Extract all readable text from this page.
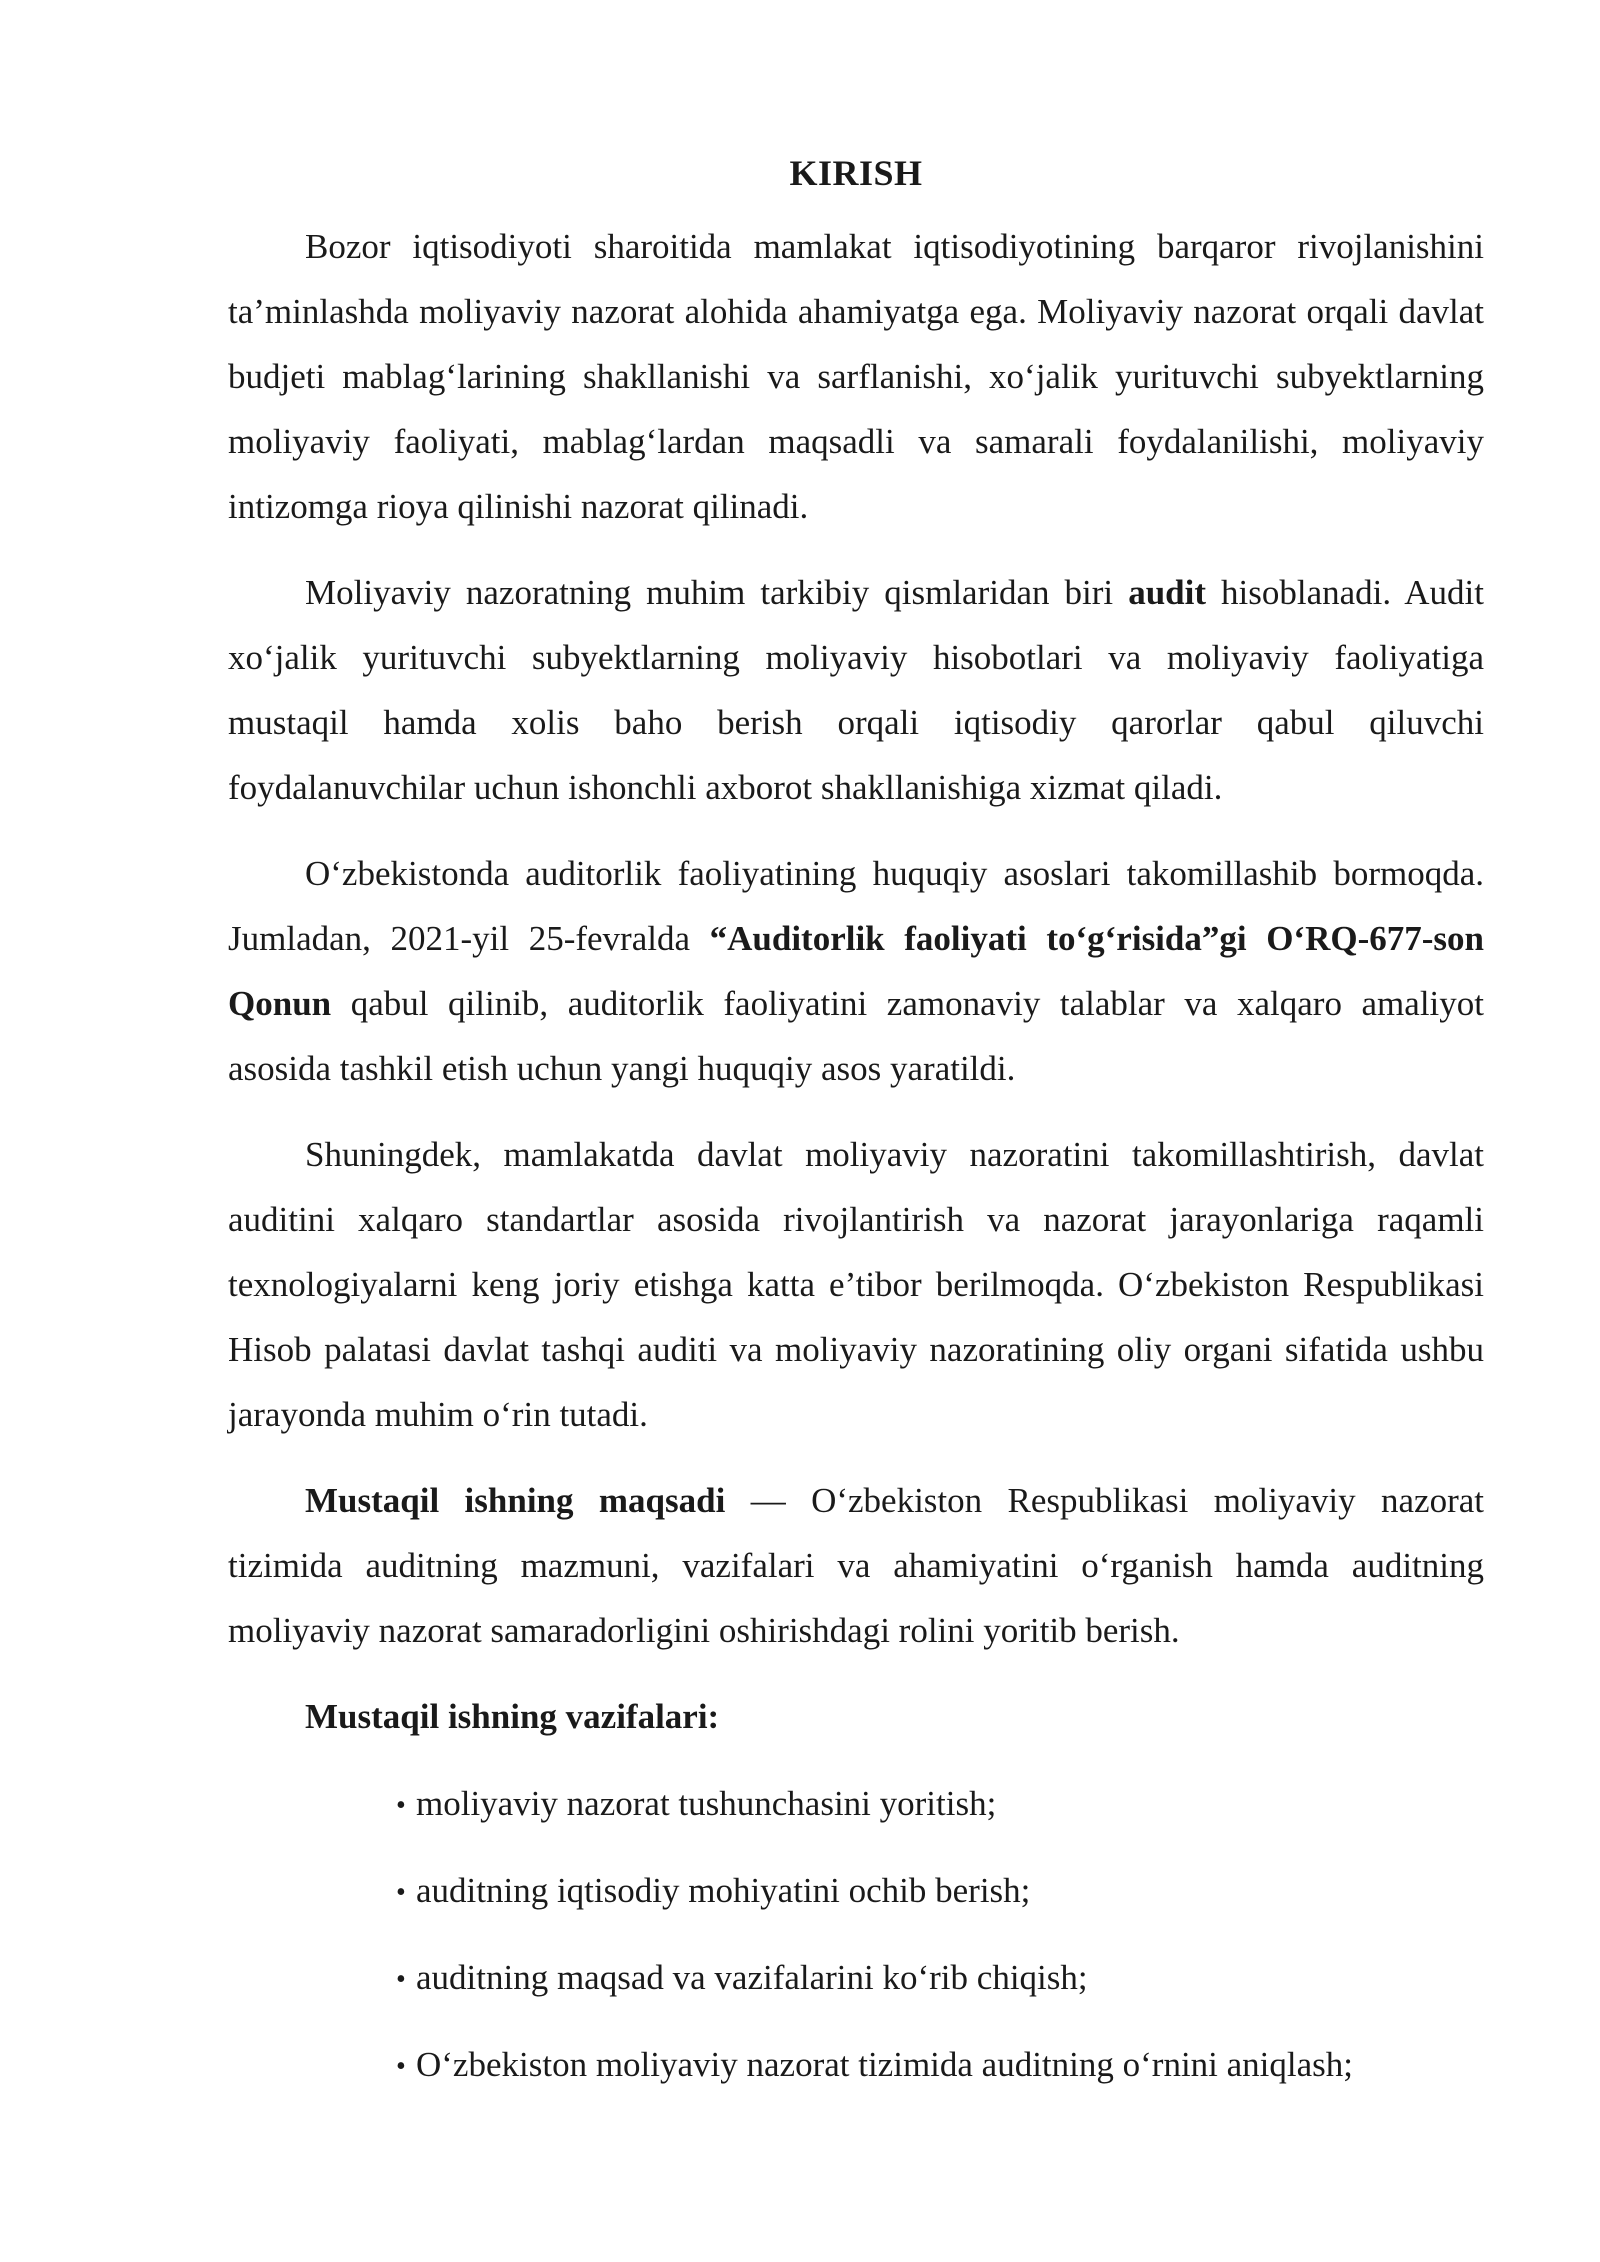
KIRISH

Bozor iqtisodiyoti sharoitida mamlakat iqtisodiyotining barqaror rivojlanishini ta’minlashda moliyaviy nazorat alohida ahamiyatga ega. Moliyaviy nazorat orqali davlat budjeti mablag‘larining shakllanishi va sarflanishi, xo‘jalik yurituvchi subyektlarning moliyaviy faoliyati, mablag‘lardan maqsadli va samarali foydalanilishi, moliyaviy intizomga rioya qilinishi nazorat qilinadi.

Moliyaviy nazoratning muhim tarkibiy qismlaridan biri audit hisoblanadi. Audit xo‘jalik yurituvchi subyektlarning moliyaviy hisobotlari va moliyaviy faoliyatiga mustaqil hamda xolis baho berish orqali iqtisodiy qarorlar qabul qiluvchi foydalanuvchilar uchun ishonchli axborot shakllanishiga xizmat qiladi.

O‘zbekistonda auditorlik faoliyatining huquqiy asoslari takomillashib bormoqda. Jumladan, 2021-yil 25-fevralda “Auditorlik faoliyati to‘g‘risida”gi O‘RQ-677-son Qonun qabul qilinib, auditorlik faoliyatini zamonaviy talablar va xalqaro amaliyot asosida tashkil etish uchun yangi huquqiy asos yaratildi.

Shuningdek, mamlakatda davlat moliyaviy nazoratini takomillashtirish, davlat auditini xalqaro standartlar asosida rivojlantirish va nazorat jarayonlariga raqamli texnologiyalarni keng joriy etishga katta e’tibor berilmoqda. O‘zbekiston Respublikasi Hisob palatasi davlat tashqi auditi va moliyaviy nazoratining oliy organi sifatida ushbu jarayonda muhim o‘rin tutadi.

Mustaqil ishning maqsadi — O‘zbekiston Respublikasi moliyaviy nazorat tizimida auditning mazmuni, vazifalari va ahamiyatini o‘rganish hamda auditning moliyaviy nazorat samaradorligini oshirishdagi rolini yoritib berish.

Mustaqil ishning vazifalari:

• moliyaviy nazorat tushunchasini yoritish;
• auditning iqtisodiy mohiyatini ochib berish;
• auditning maqsad va vazifalarini ko‘rib chiqish;
• O‘zbekiston moliyaviy nazorat tizimida auditning o‘rnini aniqlash;
